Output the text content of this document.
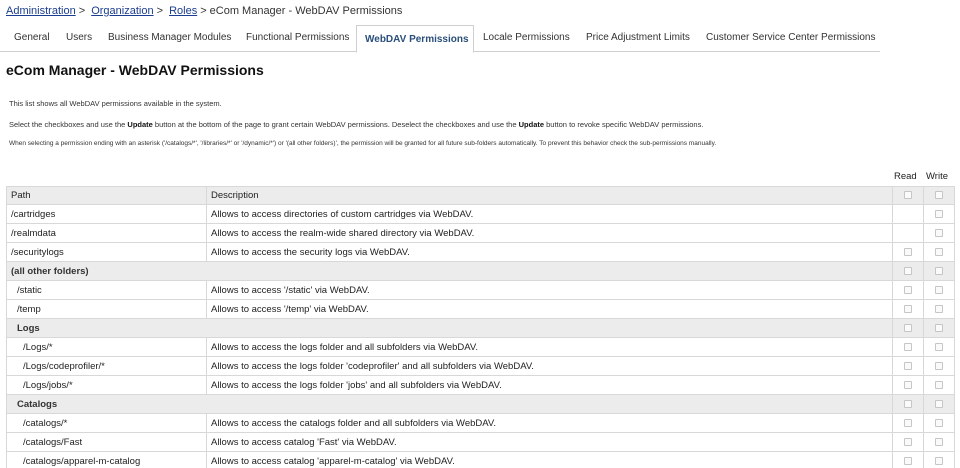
Administration > Organization > Roles > eCom Manager - WebDAV Permissions
General Users Business Manager Modules Functional Permissions	WebDAV Permissions	Locale Permissions Price Adjustment Limits Customer Service Center Permissions
eCom Manager - WebDAV Permissions
This list shows all WebDAV permissions available in the system.
Select the checkboxes and use the Update button at the bottom of the page to grant certain WebDAV permissions. Deselect the checkboxes and use the Update button to revoke specific WebDAV permissions.
When selecting a permission ending with an asterisk ('/catalogs/*', '/libraries/*' or '/dynamic/*') or '(all other folders)', the permission will be granted for all future sub-folders automatically. To prevent this behavior check the sub-permissions manually.
Read Write
Path	Description		
/cartridges	Allows to access directories of custom cartridges via WebDAV.		
/realmdata	Allows to access the realm-wide shared directory via WebDAV.		
/securitylogs	Allows to access the security logs via WebDAV.		
(all other folders)			
/static	Allows to access '/static' via WebDAV.		
/temp	Allows to access '/temp' via WebDAV.		
Logs			
/Logs/*	Allows to access the logs folder and all subfolders via WebDAV.		
/Logs/codeprofiler/*	Allows to access the logs folder 'codeprofiler' and all subfolders via WebDAV.		
/Logs/jobs/*	Allows to access the logs folder 'jobs' and all subfolders via WebDAV.		
Catalogs			
/catalogs/*	Allows to access the catalogs folder and all subfolders via WebDAV.		
/catalogs/Fast	Allows to access catalog 'Fast' via WebDAV.		
/catalogs/apparel-m-catalog	Allows to access catalog 'apparel-m-catalog' via WebDAV.		
